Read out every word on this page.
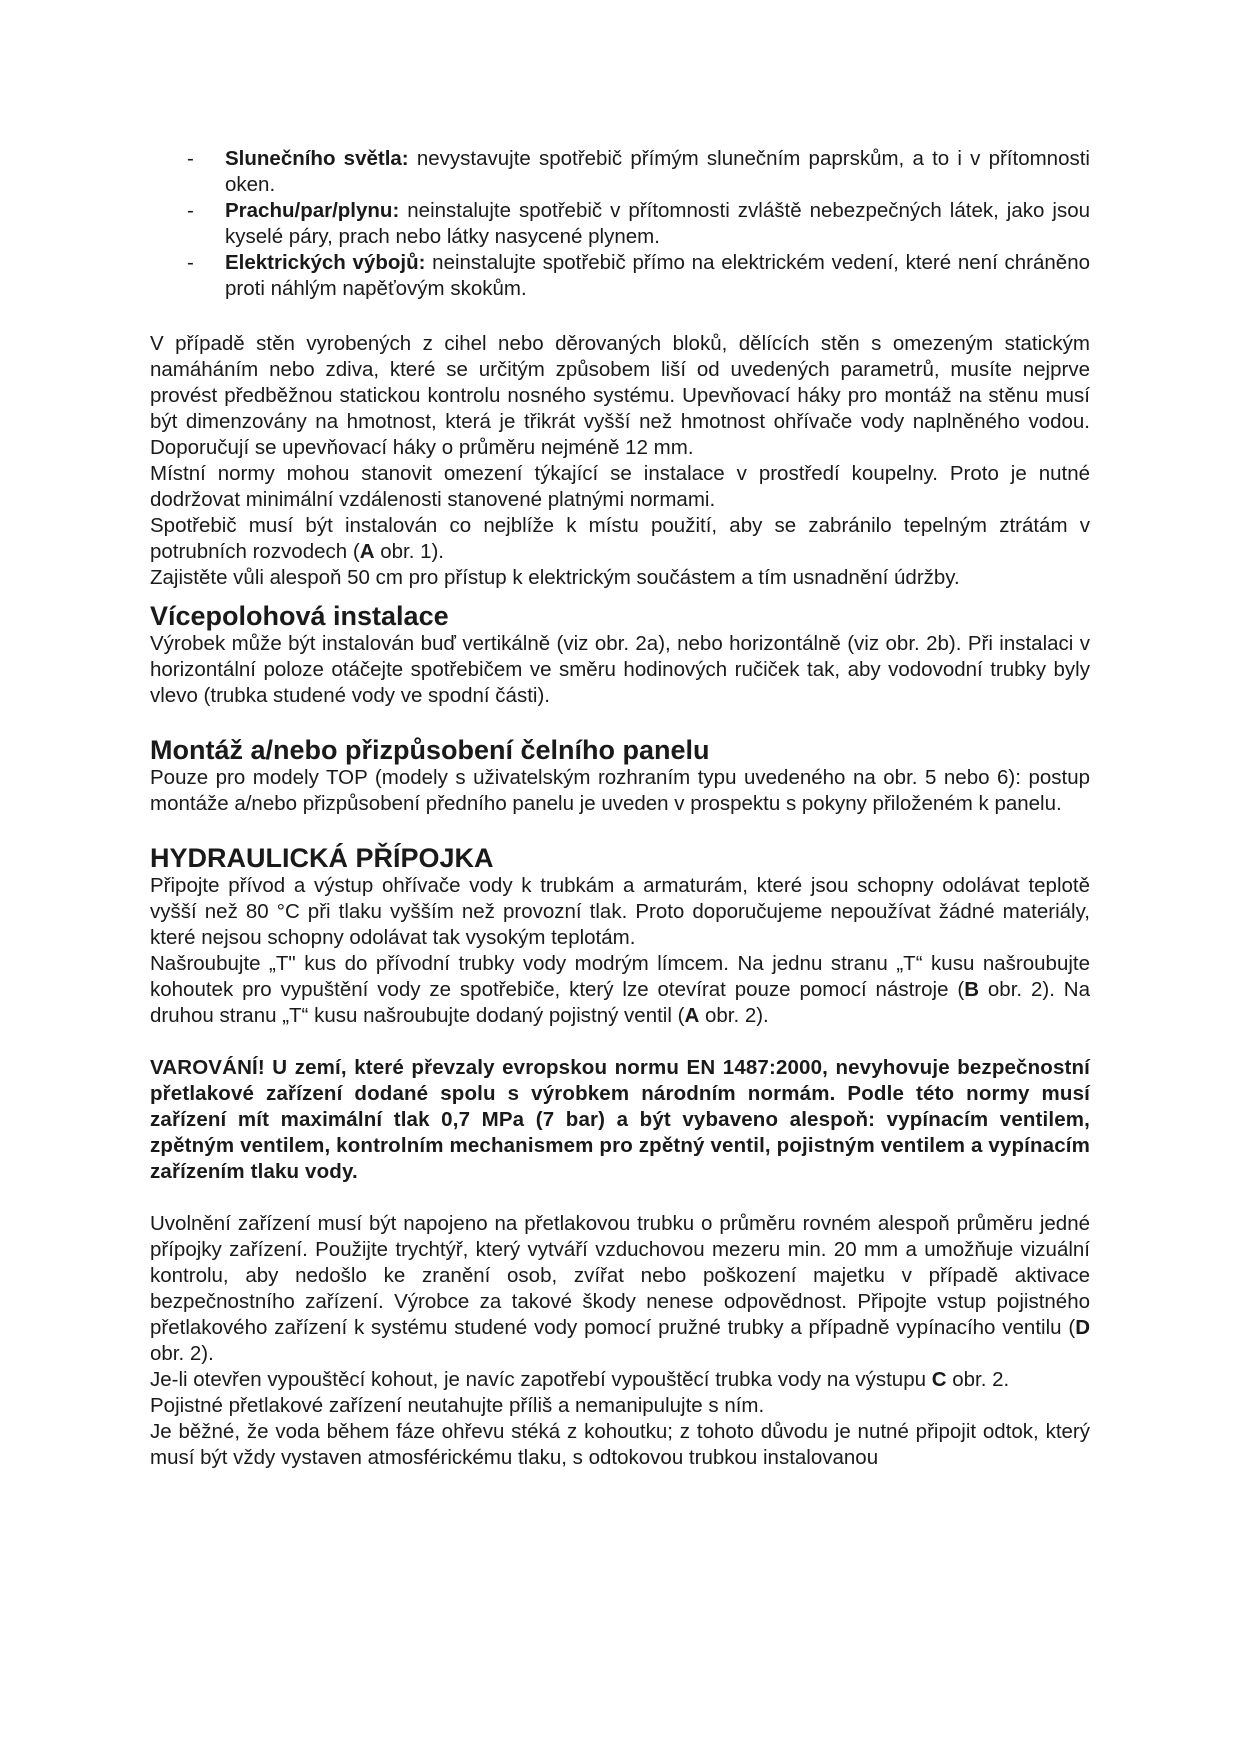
- Slunečního světla: nevystavujte spotřebič přímým slunečním paprskům, a to i v přítomnosti oken.
- Prachu/par/plynu: neinstalujte spotřebič v přítomnosti zvláště nebezpečných látek, jako jsou kyselé páry, prach nebo látky nasycené plynem.
- Elektrických výbojů: neinstalujte spotřebič přímo na elektrickém vedení, které není chráněno proti náhlým napěťovým skokům.

V případě stěn vyrobených z cihel nebo děrovaných bloků, dělících stěn s omezeným statickým namáháním nebo zdiva, které se určitým způsobem liší od uvedených parametrů, musíte nejprve provést předběžnou statickou kontrolu nosného systému. Upevňovací háky pro montáž na stěnu musí být dimenzovány na hmotnost, která je třikrát vyšší než hmotnost ohřívače vody naplněného vodou. Doporučují se upevňovací háky o průměru nejméně 12 mm.

Místní normy mohou stanovit omezení týkající se instalace v prostředí koupelny. Proto je nutné dodržovat minimální vzdálenosti stanovené platnými normami.

Spotřebič musí být instalován co nejblíže k místu použití, aby se zabránilo tepelným ztrátám v potrubních rozvodech (A obr. 1).

Zajistěte vůli alespoň 50 cm pro přístup k elektrickým součástem a tím usnadnění údržby.

Vícepolohová instalace

Výrobek může být instalován buď vertikálně (viz obr. 2a), nebo horizontálně (viz obr. 2b). Při instalaci v horizontální poloze otáčejte spotřebičem ve směru hodinových ručiček tak, aby vodovodní trubky byly vlevo (trubka studené vody ve spodní části).

Montáž a/nebo přizpůsobení čelního panelu

Pouze pro modely TOP (modely s uživatelským rozhraním typu uvedeného na obr. 5 nebo 6): postup montáže a/nebo přizpůsobení předního panelu je uveden v prospektu s pokyny přiloženém k panelu.

HYDRAULICKÁ PŘÍPOJKA

Připojte přívod a výstup ohřívače vody k trubkám a armaturám, které jsou schopny odolávat teplotě vyšší než 80 °C při tlaku vyšším než provozní tlak. Proto doporučujeme nepoužívat žádné materiály, které nejsou schopny odolávat tak vysokým teplotám.

Našroubujte „T" kus do přívodní trubky vody modrým límcem. Na jednu stranu „T“ kusu našroubujte kohoutek pro vypuštění vody ze spotřebiče, který lze otevírat pouze pomocí nástroje (B obr. 2). Na druhou stranu „T“ kusu našroubujte dodaný pojistný ventil (A obr. 2).

VAROVÁNÍ! U zemí, které převzaly evropskou normu EN 1487:2000, nevyhovuje bezpečnostní přetlakové zařízení dodané spolu s výrobkem národním normám. Podle této normy musí zařízení mít maximální tlak 0,7 MPa (7 bar) a být vybaveno alespoň: vypínacím ventilem, zpětným ventilem, kontrolním mechanismem pro zpětný ventil, pojistným ventilem a vypínacím zařízením tlaku vody.

Uvolnění zařízení musí být napojeno na přetlakovou trubku o průměru rovném alespoň průměru jedné přípojky zařízení. Použijte trychtýř, který vytváří vzduchovou mezeru min. 20 mm a umožňuje vizuální kontrolu, aby nedošlo ke zranění osob, zvířat nebo poškození majetku v případě aktivace bezpečnostního zařízení. Výrobce za takové škody nenese odpovědnost. Připojte vstup pojistného přetlakového zařízení k systému studené vody pomocí pružné trubky a případně vypínacího ventilu (D obr. 2).

Je-li otevřen vypouštěcí kohout, je navíc zapotřebí vypouštěcí trubka vody na výstupu C obr. 2.

Pojistné přetlakové zařízení neutahujte příliš a nemanipulujte s ním.

Je běžné, že voda během fáze ohřevu stéká z kohoutku; z tohoto důvodu je nutné připojit odtok, který musí být vždy vystaven atmosférickému tlaku, s odtokovou trubkou instalovanou
